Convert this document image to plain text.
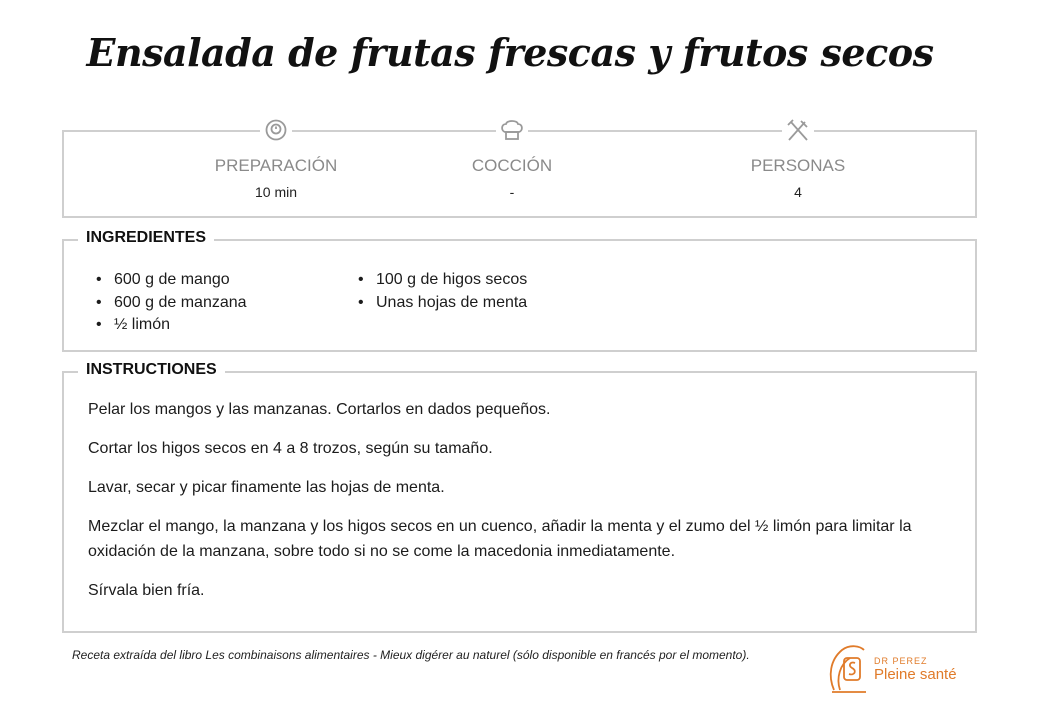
Ensalada de frutas frescas y frutos secos
PREPARACIÓN
10 min
COCCIÓN
-
PERSONAS
4
INGREDIENTES
• 600 g de mango
• 600 g de manzana
• ½ limón
• 100 g de higos secos
• Unas hojas de menta
INSTRUCTIONES

Pelar los mangos y las manzanas. Cortarlos en dados pequeños.

Cortar los higos secos en 4 a 8 trozos, según su tamaño.

Lavar, secar y picar finamente las hojas de menta.

Mezclar el mango, la manzana y los higos secos en un cuenco, añadir la menta y el zumo del ½ limón para limitar la oxidación de la manzana, sobre todo si no se come la macedonia inmediatamente.

Sírvala bien fría.

Receta extraída del libro Les combinaisons alimentaires - Mieux digérer au naturel (sólo disponible en francés por el momento).	DR PEREZ
Pleine santé
